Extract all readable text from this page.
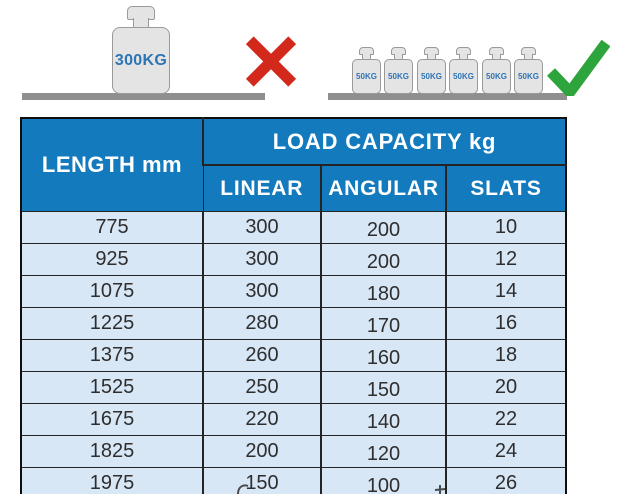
300KG
50KG 50KG 50KG 50KG 50KG 50KG
LENGTH mm	LOAD CAPACITY kg		
	LINEAR	ANGULAR	SLATS
775	300	200	10
925	300	200	12
1075	300	180	14
1225	280	170	16
1375	260	160	18
1525	250	150	20
1675	220	140	22
1825	200	120	24
1975	150	100	26
